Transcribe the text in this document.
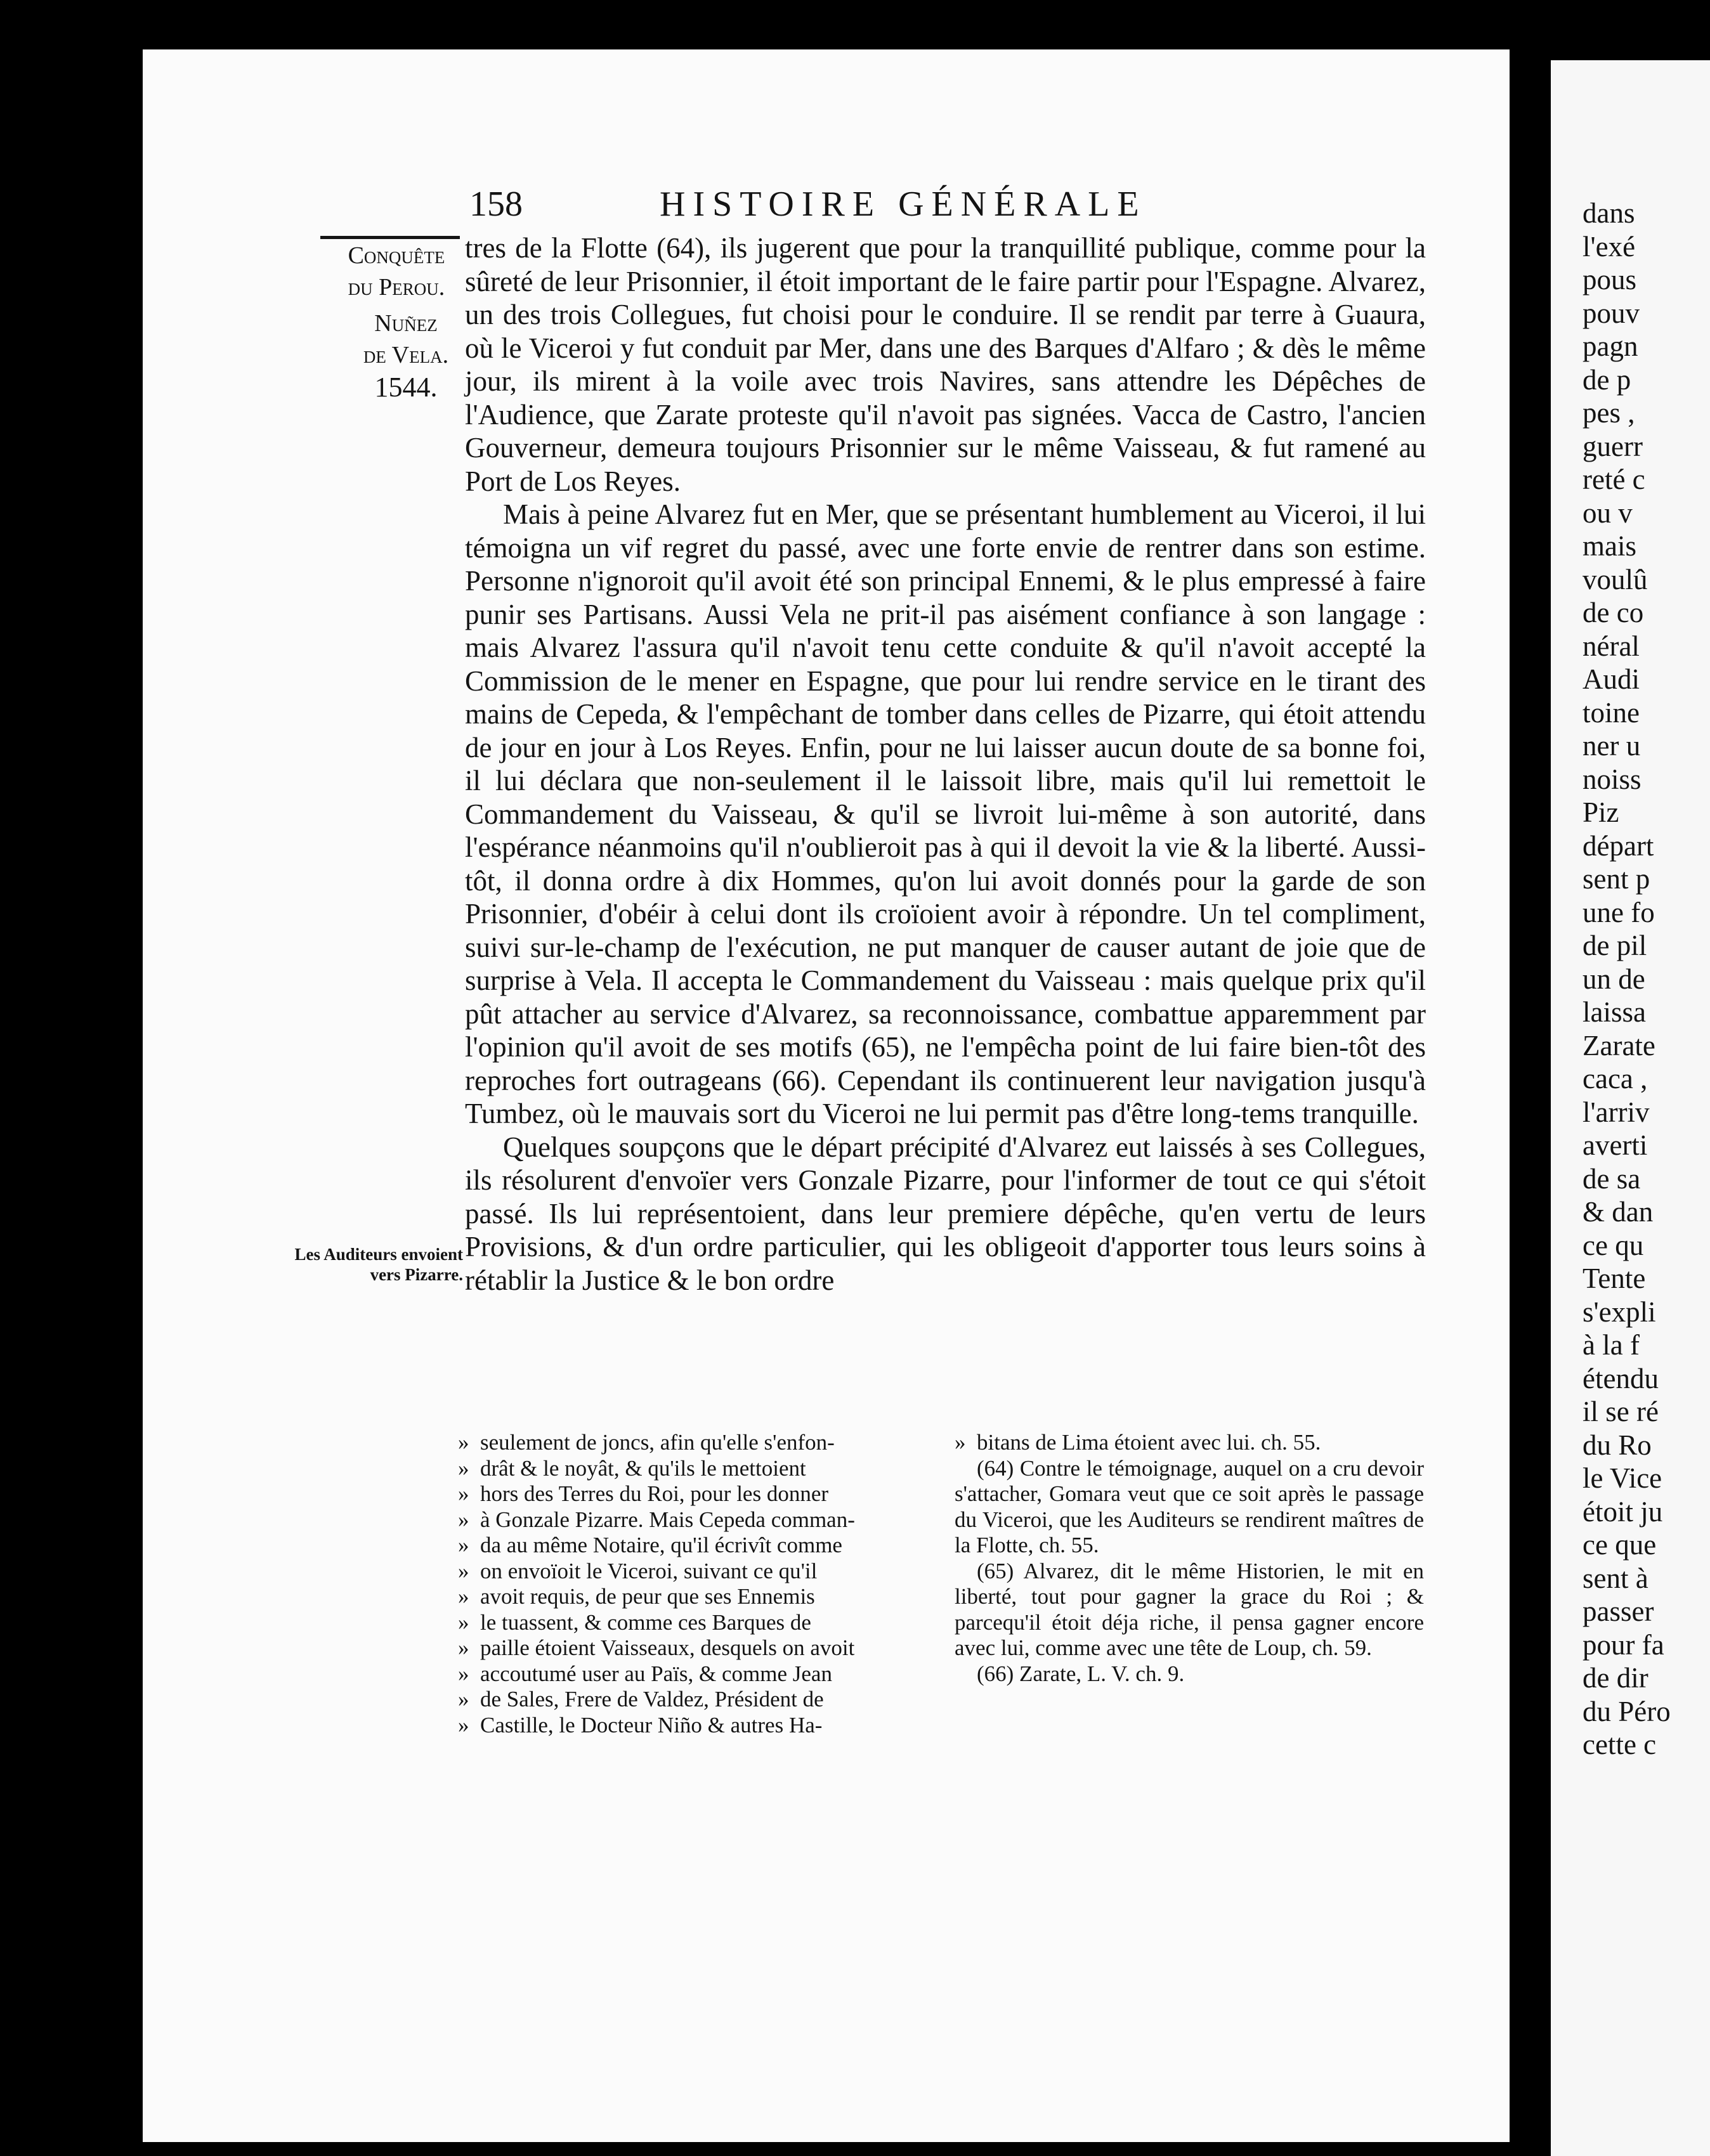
dans
l'exé
pous
pouv
pagn
de p
pes ,
guerr
reté c
ou v
mais
voulû
de co
néral
Audi
toine
ner u
noiss
Piz
départ
sent p
une fo
de pil
un de
laissa
Zarate
caca ,
l'arriv
averti
de sa
& dan
ce qu
Tente
s'expli
à la f
étendu
il se ré
du Ro
le Vice
étoit ju
ce que
sent à
passer
pour fa
de dir
du Péro
cette c
158	HISTOIRE GÉNÉRALE
Conquête du Perou.
Nuñez de Vela.
1544.
Les Auditeurs envoient vers Pizarre.

tres de la Flotte (64), ils jugerent que pour la tranquillité publique, comme pour la sûreté de leur Prisonnier, il étoit important de le faire partir pour l'Espagne. Alvarez, un des trois Collegues, fut choisi pour le conduire. Il se rendit par terre à Guaura, où le Viceroi y fut conduit par Mer, dans une des Barques d'Alfaro ; & dès le même jour, ils mirent à la voile avec trois Navires, sans attendre les Dépêches de l'Audience, que Zarate proteste qu'il n'avoit pas signées. Vacca de Castro, l'ancien Gouverneur, demeura toujours Prisonnier sur le même Vaisseau, & fut ramené au Port de Los Reyes.

Mais à peine Alvarez fut en Mer, que se présentant humblement au Viceroi, il lui témoigna un vif regret du passé, avec une forte envie de rentrer dans son estime. Personne n'ignoroit qu'il avoit été son principal Ennemi, & le plus empressé à faire punir ses Partisans. Aussi Vela ne prit-il pas aisément confiance à son langage : mais Alvarez l'assura qu'il n'avoit tenu cette conduite & qu'il n'avoit accepté la Commission de le mener en Espagne, que pour lui rendre service en le tirant des mains de Cepeda, & l'empêchant de tomber dans celles de Pizarre, qui étoit attendu de jour en jour à Los Reyes. Enfin, pour ne lui laisser aucun doute de sa bonne foi, il lui déclara que non-seulement il le laissoit libre, mais qu'il lui remettoit le Commandement du Vaisseau, & qu'il se livroit lui-même à son autorité, dans l'espérance néanmoins qu'il n'oublieroit pas à qui il devoit la vie & la liberté. Aussi-tôt, il donna ordre à dix Hommes, qu'on lui avoit donnés pour la garde de son Prisonnier, d'obéir à celui dont ils croïoient avoir à répondre. Un tel compliment, suivi sur-le-champ de l'exécution, ne put manquer de causer autant de joie que de surprise à Vela. Il accepta le Commandement du Vaisseau : mais quelque prix qu'il pût attacher au service d'Alvarez, sa reconnoissance, combattue apparemment par l'opinion qu'il avoit de ses motifs (65), ne l'empêcha point de lui faire bien-tôt des reproches fort outrageans (66). Cependant ils continuerent leur navigation jusqu'à Tumbez, où le mauvais sort du Viceroi ne lui permit pas d'être long-tems tranquille.

Quelques soupçons que le départ précipité d'Alvarez eut laissés à ses Collegues, ils résolurent d'envoïer vers Gonzale Pizarre, pour l'informer de tout ce qui s'étoit passé. Ils lui représentoient, dans leur premiere dépêche, qu'en vertu de leurs Provisions, & d'un ordre particulier, qui les obligeoit d'apporter tous leurs soins à rétablir la Justice & le bon ordre

» seulement de joncs, afin qu'elle s'enfon-
» drât & le noyât, & qu'ils le mettoient
» hors des Terres du Roi, pour les donner
» à Gonzale Pizarre. Mais Cepeda comman-
» da au même Notaire, qu'il écrivît comme
» on envoïoit le Viceroi, suivant ce qu'il
» avoit requis, de peur que ses Ennemis
» le tuassent, & comme ces Barques de
» paille étoient Vaisseaux, desquels on avoit
» accoutumé user au Païs, & comme Jean
» de Sales, Frere de Valdez, Président de
» Castille, le Docteur Niño & autres Ha-
» bitans de Lima étoient avec lui. ch. 55.

(64) Contre le témoignage, auquel on a cru devoir s'attacher, Gomara veut que ce soit après le passage du Viceroi, que les Auditeurs se rendirent maîtres de la Flotte, ch. 55.

(65) Alvarez, dit le même Historien, le mit en liberté, tout pour gagner la grace du Roi ; & parcequ'il étoit déja riche, il pensa gagner encore avec lui, comme avec une tête de Loup, ch. 59.

(66) Zarate, L. V. ch. 9.
